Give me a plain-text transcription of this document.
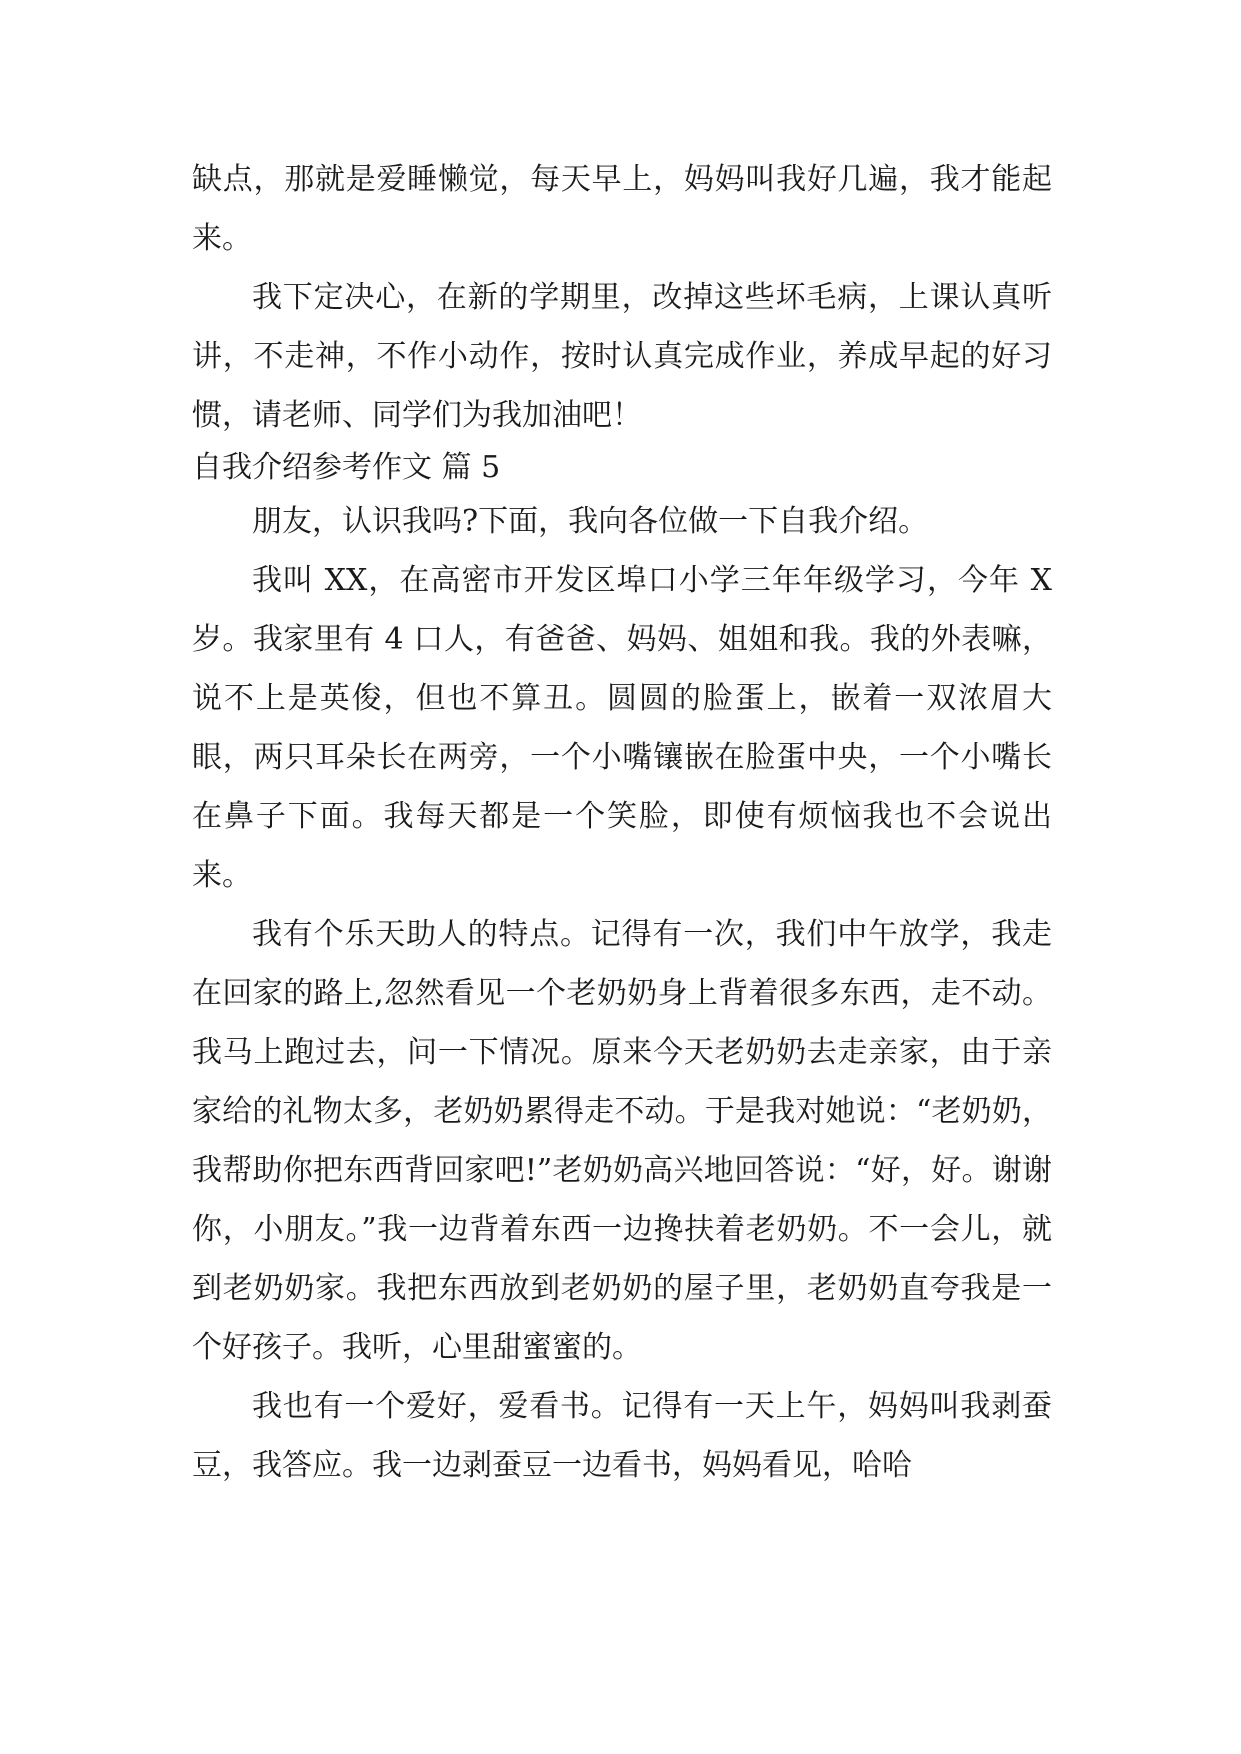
缺点，那就是爱睡懒觉，每天早上，妈妈叫我好几遍，我才能起来。

我下定决心，在新的学期里，改掉这些坏毛病，上课认真听讲，不走神，不作小动作，按时认真完成作业，养成早起的好习惯，请老师、同学们为我加油吧！

自我介绍参考作文 篇 5

朋友，认识我吗?下面，我向各位做一下自我介绍。

我叫 XX，在高密市开发区埠口小学三年年级学习，今年 X 岁。我家里有 4 口人，有爸爸、妈妈、姐姐和我。我的外表嘛，说不上是英俊，但也不算丑。圆圆的脸蛋上，嵌着一双浓眉大眼，两只耳朵长在两旁，一个小嘴镶嵌在脸蛋中央，一个小嘴长在鼻子下面。我每天都是一个笑脸，即使有烦恼我也不会说出来。

我有个乐天助人的特点。记得有一次，我们中午放学，我走在回家的路上,忽然看见一个老奶奶身上背着很多东西，走不动。我马上跑过去，问一下情况。原来今天老奶奶去走亲家，由于亲家给的礼物太多，老奶奶累得走不动。于是我对她说：“老奶奶，我帮助你把东西背回家吧!”老奶奶高兴地回答说：“好，好。谢谢你，小朋友。”我一边背着东西一边搀扶着老奶奶。不一会儿，就到老奶奶家。我把东西放到老奶奶的屋子里，老奶奶直夸我是一个好孩子。我听，心里甜蜜蜜的。

我也有一个爱好，爱看书。记得有一天上午，妈妈叫我剥蚕豆，我答应。我一边剥蚕豆一边看书，妈妈看见，哈哈
